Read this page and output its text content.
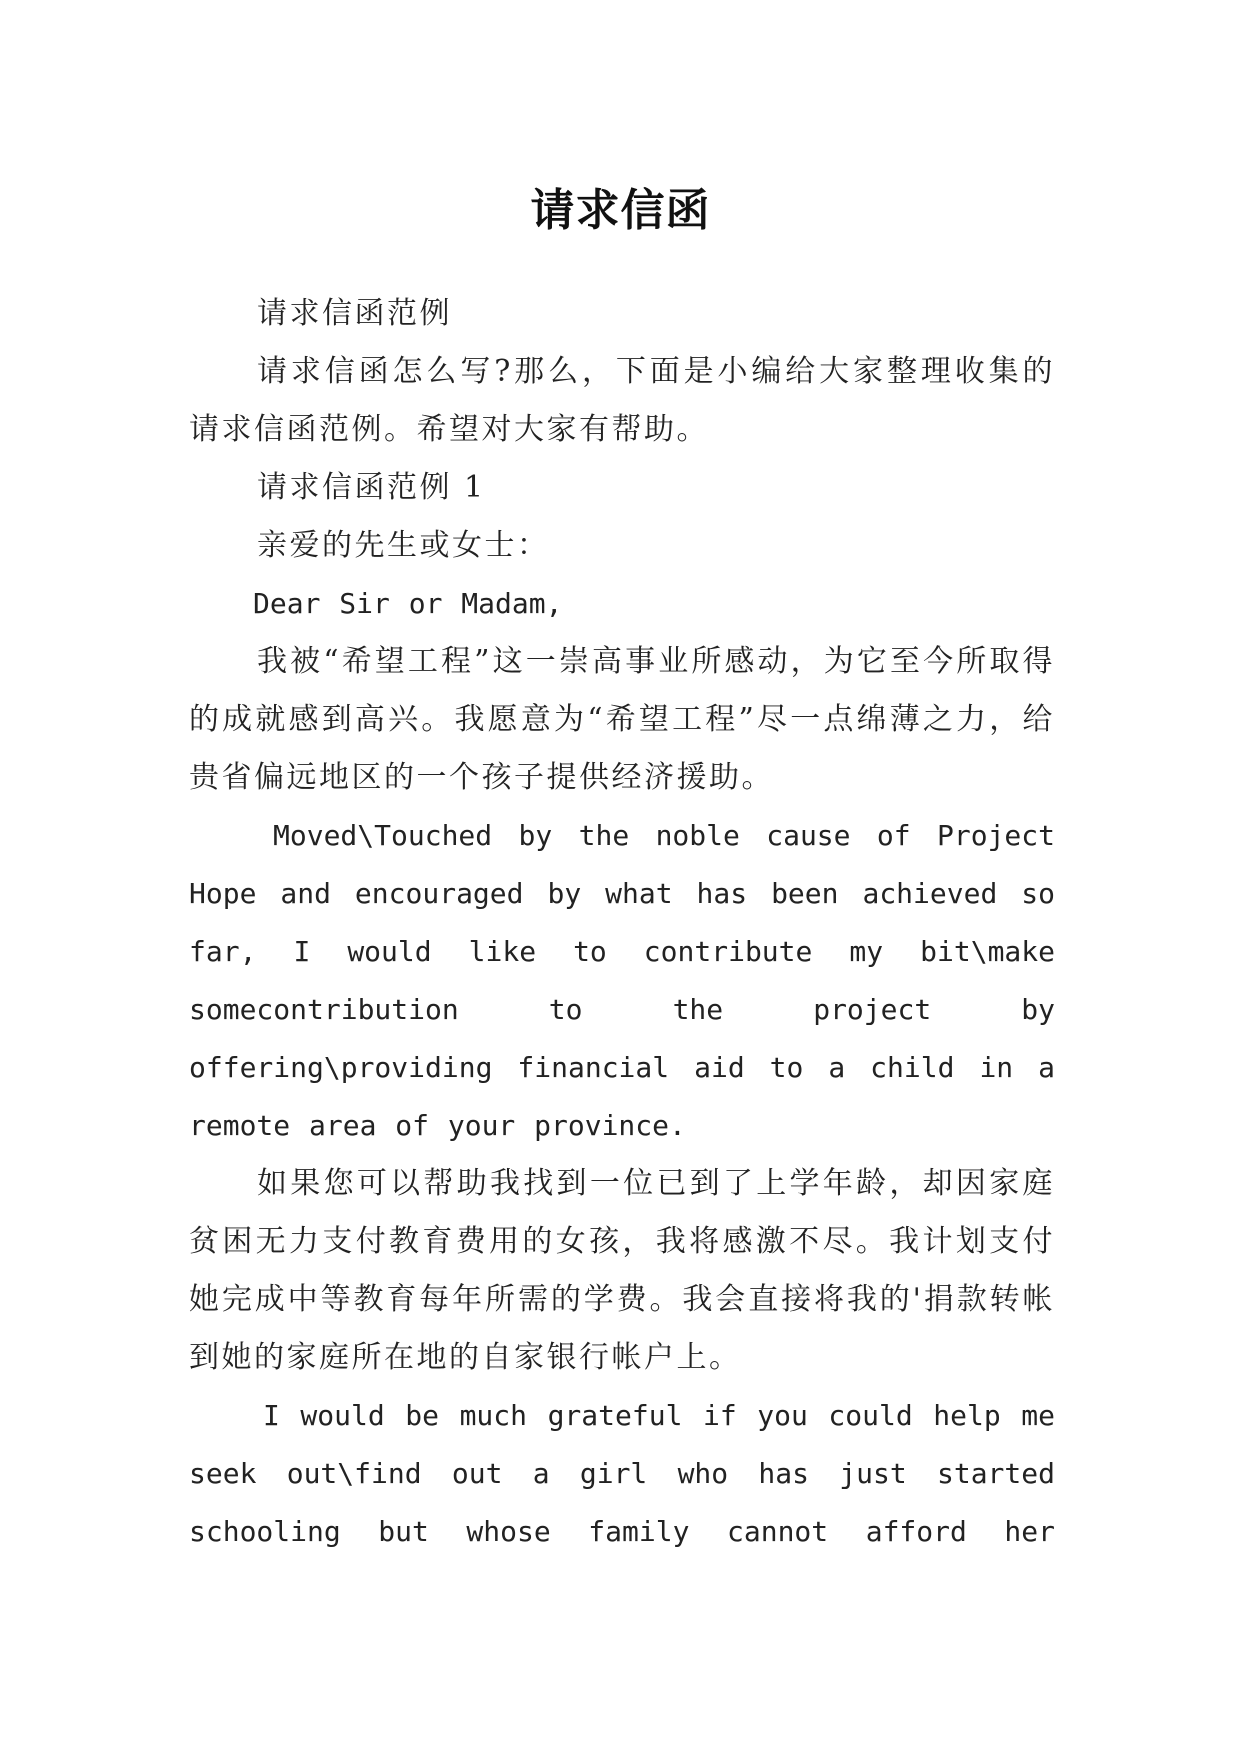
请求信函

请求信函范例

请求信函怎么写?那么，下面是小编给大家整理收集的请求信函范例。希望对大家有帮助。

请求信函范例 1

亲爱的先生或女士：

Dear Sir or Madam,

我被“希望工程”这一崇高事业所感动，为它至今所取得的成就感到高兴。我愿意为“希望工程”尽一点绵薄之力，给贵省偏远地区的一个孩子提供经济援助。

Moved\Touched by the noble cause of Project Hope and encouraged by what has been achieved so far, I would like to contribute my bit\make somecontribution to the project by offering\providing financial aid to a child in a remote area of your province.

如果您可以帮助我找到一位已到了上学年龄，却因家庭贫困无力支付教育费用的女孩，我将感激不尽。我计划支付她完成中等教育每年所需的学费。我会直接将我的'捐款转帐到她的家庭所在地的自家银行帐户上。

I would be much grateful if you could help me seek out\find out a girl who has just started schooling but whose family cannot afford her
